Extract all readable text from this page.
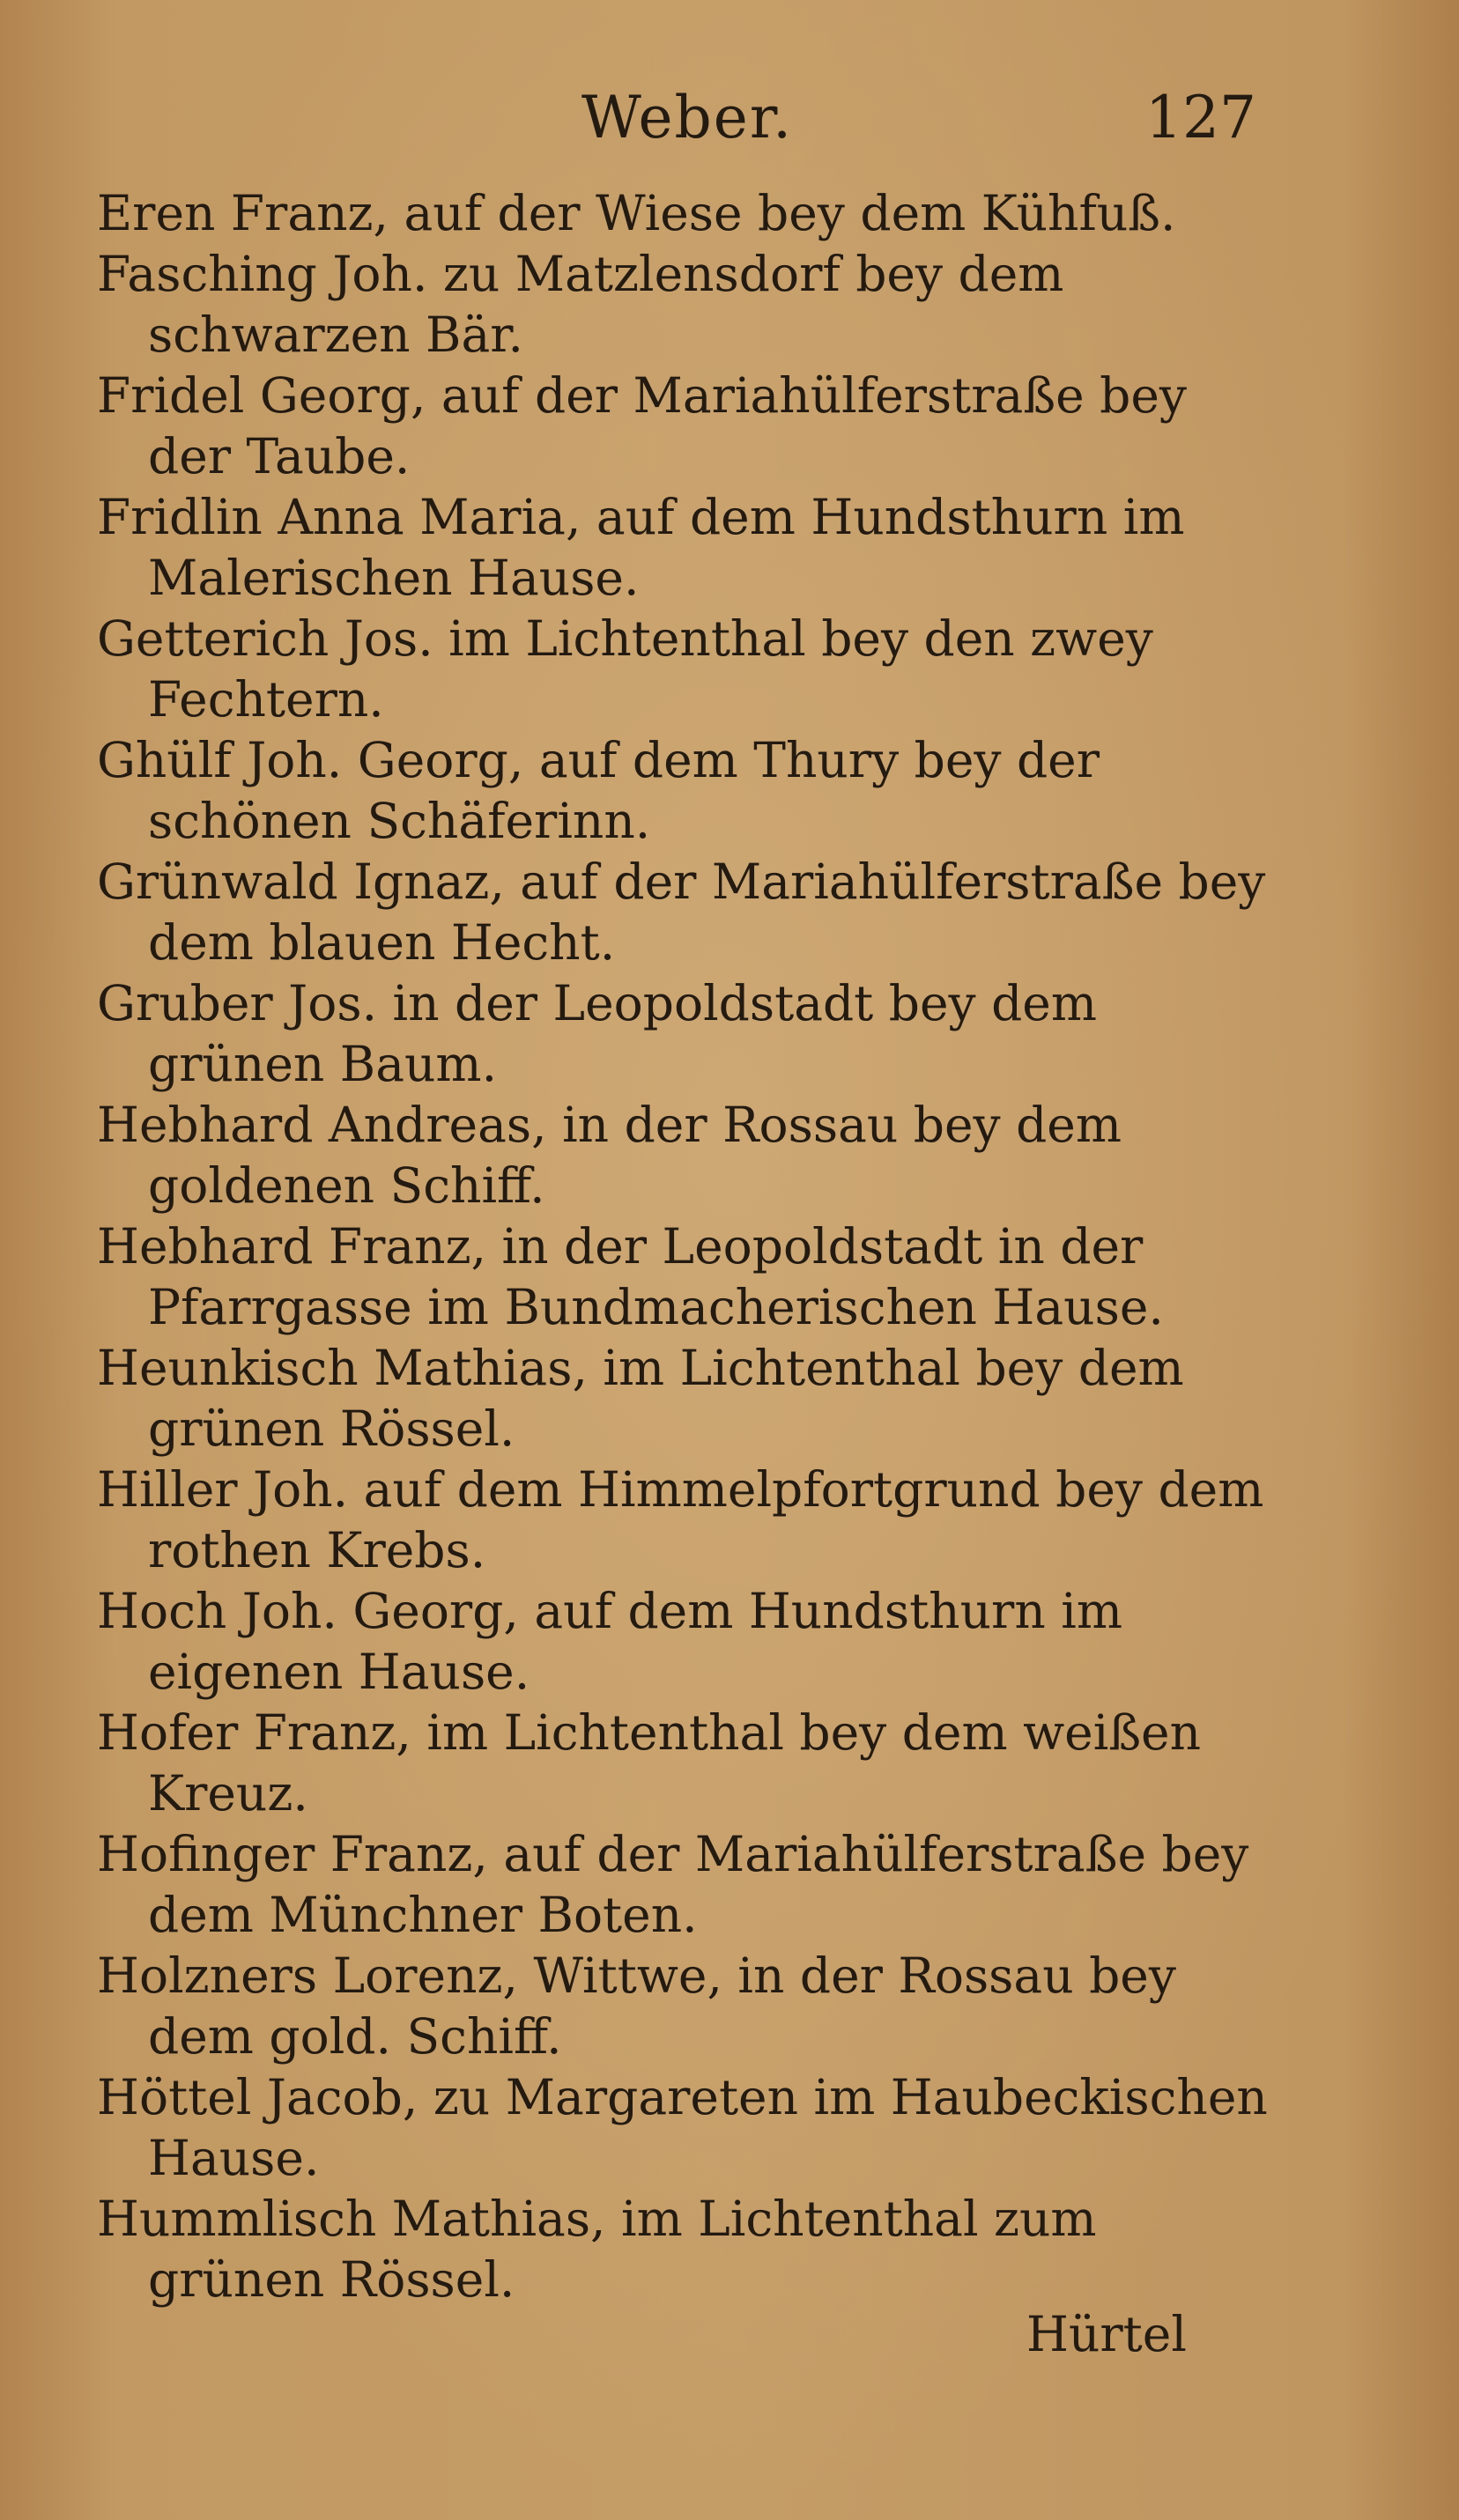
Weber.	127
Eren Franz, auf der Wiese bey dem Kühfuß.
Fasching Joh. zu Matzlensdorf bey dem schwarzen Bär.
Fridel Georg, auf der Mariahülferstraße bey der Taube.
Fridlin Anna Maria, auf dem Hundsthurn im Malerischen Hause.
Getterich Jos. im Lichtenthal bey den zwey Fechtern.
Ghülf Joh. Georg, auf dem Thury bey der schönen Schäferinn.
Grünwald Ignaz, auf der Mariahülferstraße bey dem blauen Hecht.
Gruber Jos. in der Leopoldstadt bey dem grünen Baum.
Hebhard Andreas, in der Rossau bey dem goldenen Schiff.
Hebhard Franz, in der Leopoldstadt in der Pfarrgasse im Bundmacherischen Hause.
Heunkisch Mathias, im Lichtenthal bey dem grünen Rössel.
Hiller Joh. auf dem Himmelpfortgrund bey dem rothen Krebs.
Hoch Joh. Georg, auf dem Hundsthurn im eigenen Hause.
Hofer Franz, im Lichtenthal bey dem weißen Kreuz.
Hofinger Franz, auf der Mariahülferstraße bey dem Münchner Boten.
Holzners Lorenz, Wittwe, in der Rossau bey dem gold. Schiff.
Höttel Jacob, zu Margareten im Haubeckischen Hause.
Hummlisch Mathias, im Lichtenthal zum grünen Rössel.
Hürtel
